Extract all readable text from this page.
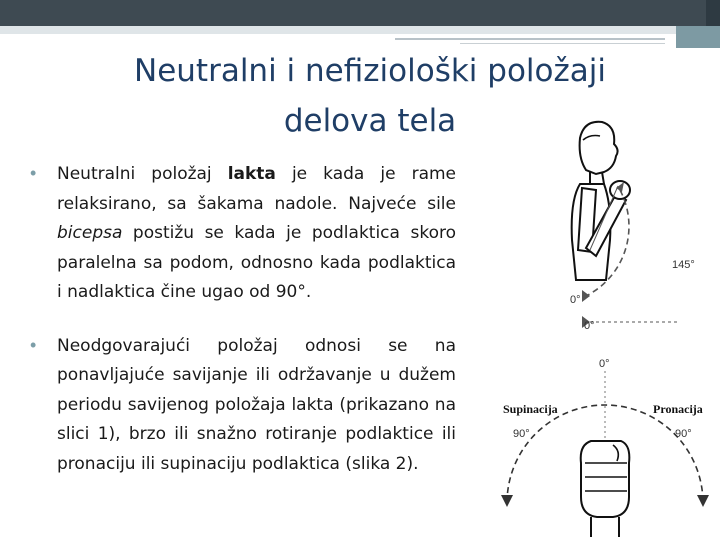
Neutralni i nefiziološki položaji
delova tela
• Neutralni položaj lakta je kada je rame relaksirano, sa šakama nadole. Najveće sile bicepsa postižu se kada je podlaktica skoro paralelna sa podom, odnosno kada podlaktica i nadlaktica čine ugao od 90°.
• Neodgovarajući položaj odnosi se na ponavljajuće savijanje ili održavanje u dužem periodu savijenog položaja lakta (prikazano na slici 1), brzo ili snažno rotiranje podlaktice ili pronaciju ili supinaciju podlaktica (slika 2).
145°
0°
0°
0°
Supinacija	Pronacija
90°	90°
